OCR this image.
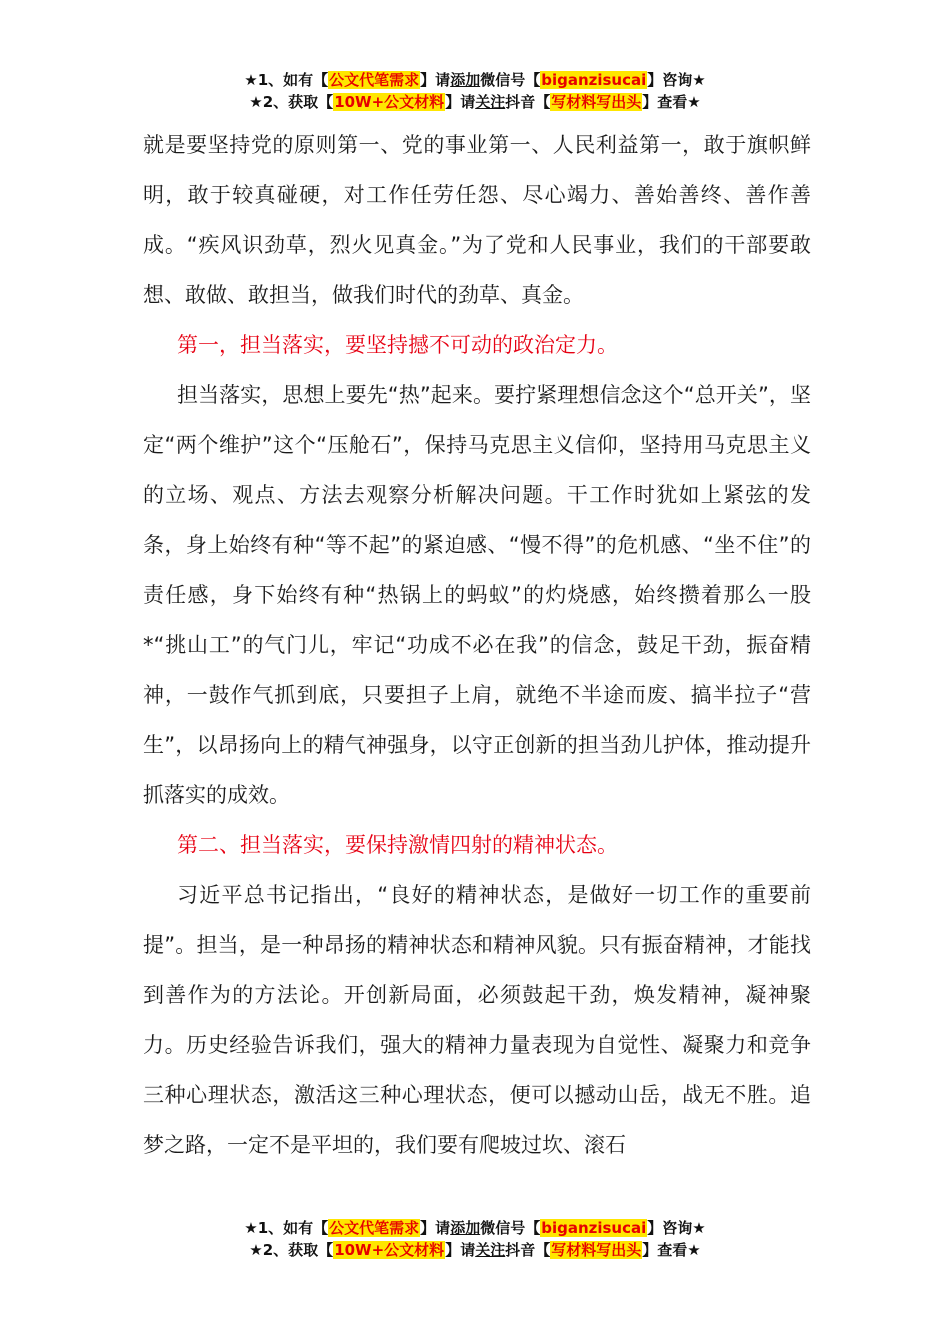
★1、如有【公文代笔需求】请添加微信号【biganzisucai】咨询★
★2、获取【10W+公文材料】请关注抖音【写材料写出头】查看★

就是要坚持党的原则第一、党的事业第一、人民利益第一，敢于旗帜鲜明，敢于较真碰硬，对工作任劳任怨、尽心竭力、善始善终、善作善成。“疾风识劲草，烈火见真金。”为了党和人民事业，我们的干部要敢想、敢做、敢担当，做我们时代的劲草、真金。

第一，担当落实，要坚持撼不可动的政治定力。

担当落实，思想上要先“热”起来。要拧紧理想信念这个“总开关”，坚定“两个维护”这个“压舱石”，保持马克思主义信仰，坚持用马克思主义的立场、观点、方法去观察分析解决问题。干工作时犹如上紧弦的发条，身上始终有种“等不起”的紧迫感、“慢不得”的危机感、“坐不住”的责任感，身下始终有种“热锅上的蚂蚁”的灼烧感，始终攒着那么一股*“挑山工”的气门儿，牢记“功成不必在我”的信念，鼓足干劲，振奋精神，一鼓作气抓到底，只要担子上肩，就绝不半途而废、搞半拉子“营生”，以昂扬向上的精气神强身，以守正创新的担当劲儿护体，推动提升抓落实的成效。

第二、担当落实，要保持激情四射的精神状态。

习近平总书记指出，“良好的精神状态，是做好一切工作的重要前提”。担当，是一种昂扬的精神状态和精神风貌。只有振奋精神，才能找到善作为的方法论。开创新局面，必须鼓起干劲，焕发精神，凝神聚力。历史经验告诉我们，强大的精神力量表现为自觉性、凝聚力和竞争三种心理状态，激活这三种心理状态，便可以撼动山岳，战无不胜。追梦之路，一定不是平坦的，我们要有爬坡过坎、滚石

★1、如有【公文代笔需求】请添加微信号【biganzisucai】咨询★
★2、获取【10W+公文材料】请关注抖音【写材料写出头】查看★
